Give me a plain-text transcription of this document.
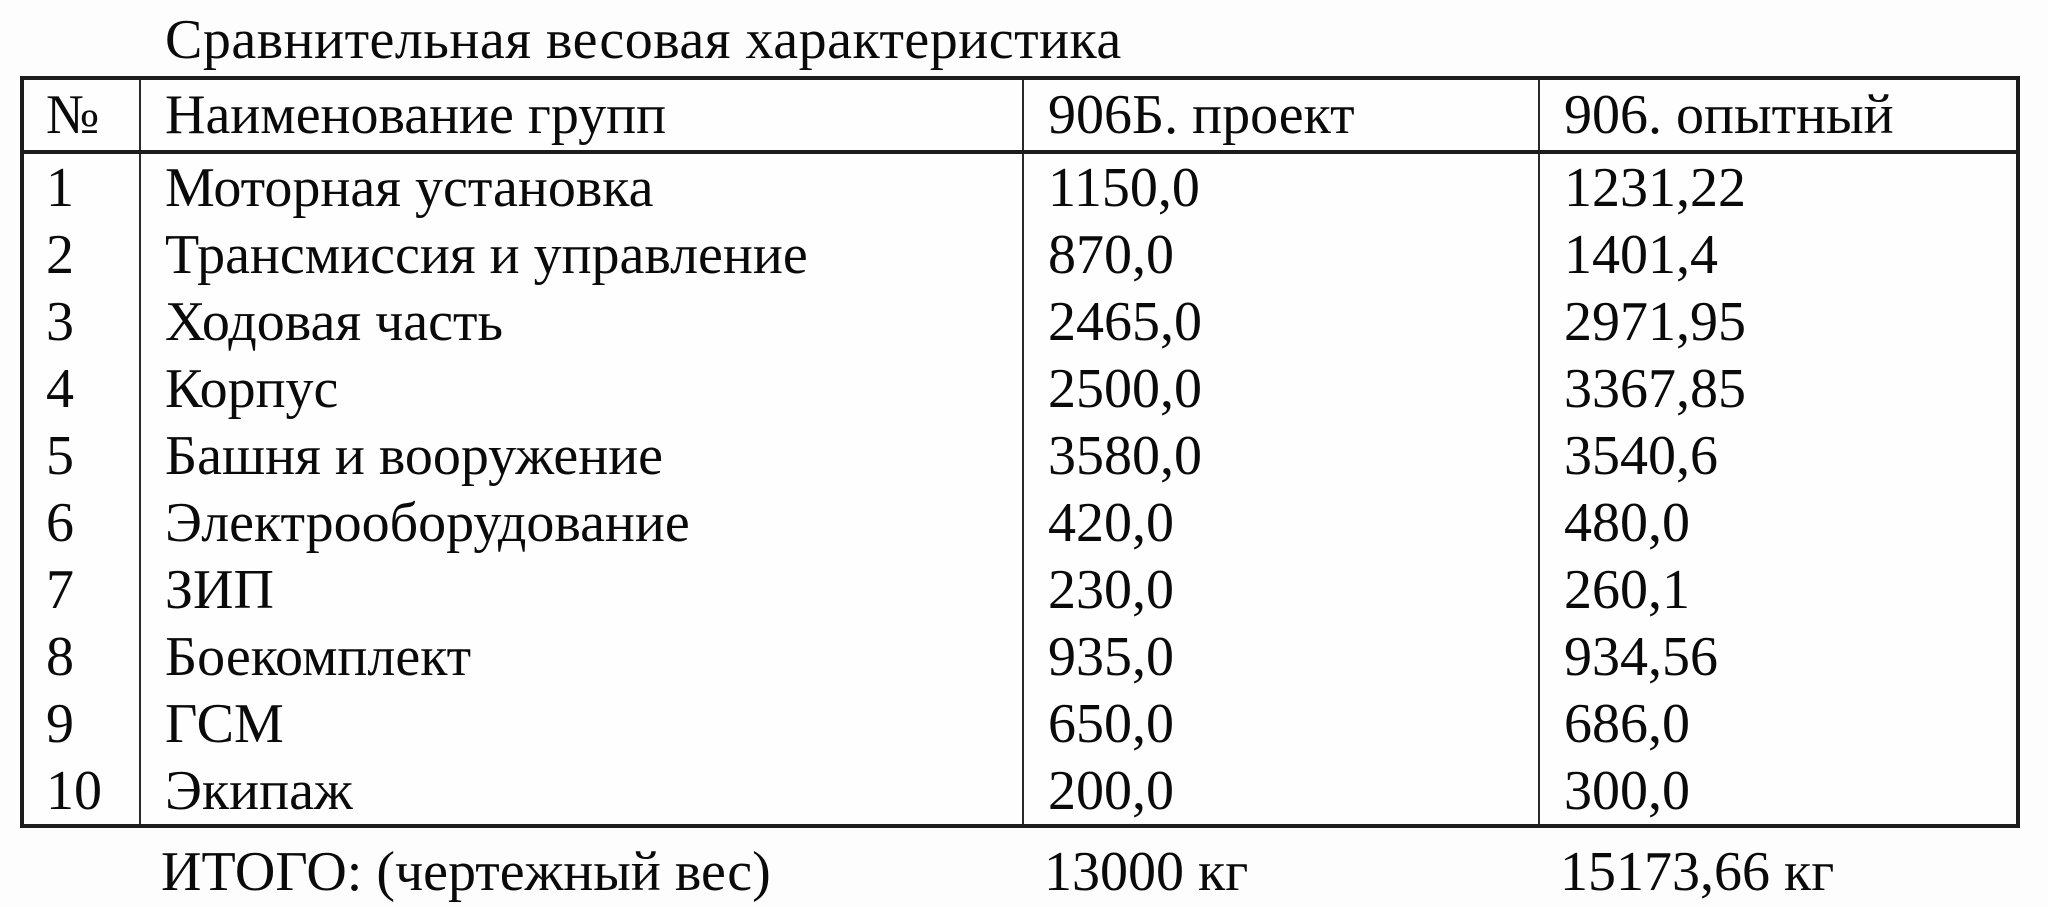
Сравнительная весовая характеристика
№	Наименование групп	906Б. проект	906. опытный
1	Моторная установка	1150,0	1231,22
2	Трансмиссия и управление	870,0	1401,4
3	Ходовая часть	2465,0	2971,95
4	Корпус	2500,0	3367,85
5	Башня и вооружение	3580,0	3540,6
6	Электрооборудование	420,0	480,0
7	ЗИП	230,0	260,1
8	Боекомплект	935,0	934,56
9	ГСМ	650,0	686,0
10	Экипаж	200,0	300,0
ИТОГО: (чертежный вес)	13000 кг	15173,66 кг
